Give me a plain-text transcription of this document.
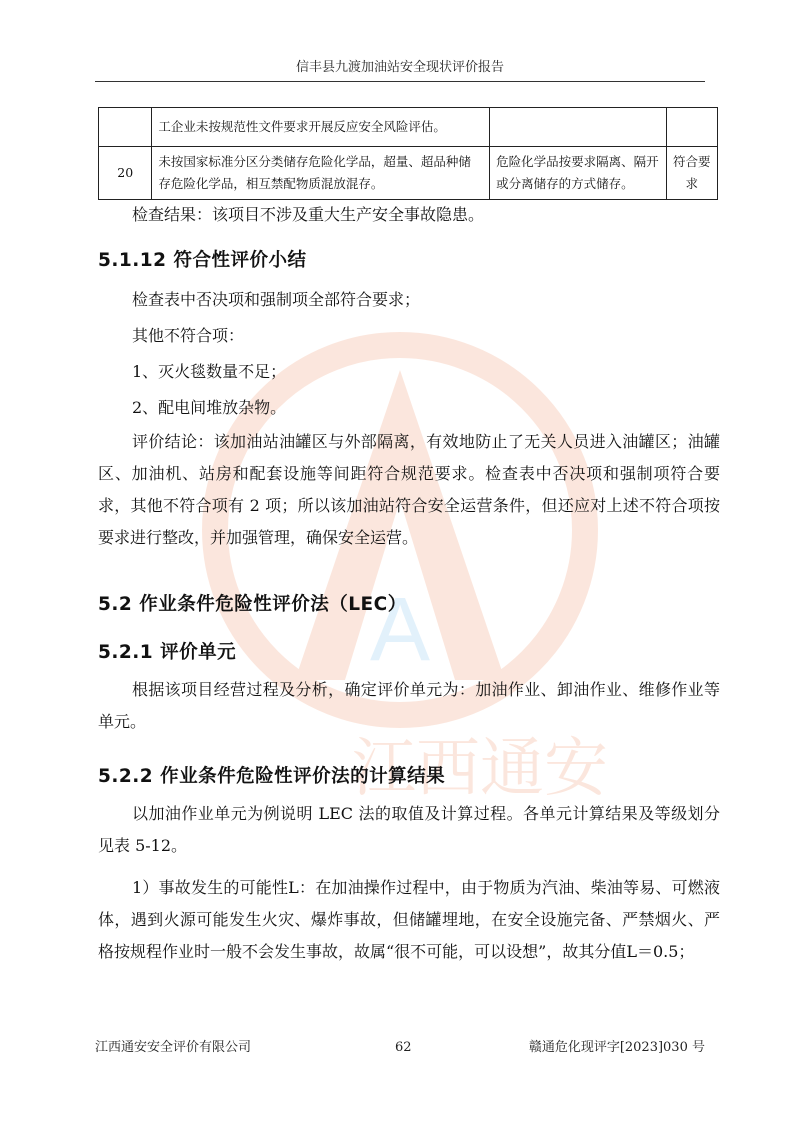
信丰县九渡加油站安全现状评价报告
A
江西通安
	工企业未按规范性文件要求开展反应安全风险评估。		
20	未按国家标准分区分类储存危险化学品，超量、超品种储存危险化学品，相互禁配物质混放混存。	危险化学品按要求隔离、隔开或分离储存的方式储存。	符合要求

检查结果：该项目不涉及重大生产安全事故隐患。

5.1.12 符合性评价小结

检查表中否决项和强制项全部符合要求；

其他不符合项：

1、灭火毯数量不足；

2、配电间堆放杂物。

评价结论：该加油站油罐区与外部隔离，有效地防止了无关人员进入油罐区；油罐区、加油机、站房和配套设施等间距符合规范要求。检查表中否决项和强制项符合要求，其他不符合项有 2 项；所以该加油站符合安全运营条件，但还应对上述不符合项按要求进行整改，并加强管理，确保安全运营。

5.2 作业条件危险性评价法（LEC）
5.2.1 评价单元

根据该项目经营过程及分析，确定评价单元为：加油作业、卸油作业、维修作业等单元。

5.2.2 作业条件危险性评价法的计算结果

以加油作业单元为例说明 LEC 法的取值及计算过程。各单元计算结果及等级划分见表 5-12。

1）事故发生的可能性L：在加油操作过程中，由于物质为汽油、柴油等易、可燃液体，遇到火源可能发生火灾、爆炸事故，但储罐埋地，在安全设施完备、严禁烟火、严格按规程作业时一般不会发生事故，故属“很不可能，可以设想”，故其分值L＝0.5；

江西通安安全评价有限公司	62	赣通危化现评字[2023]030 号
